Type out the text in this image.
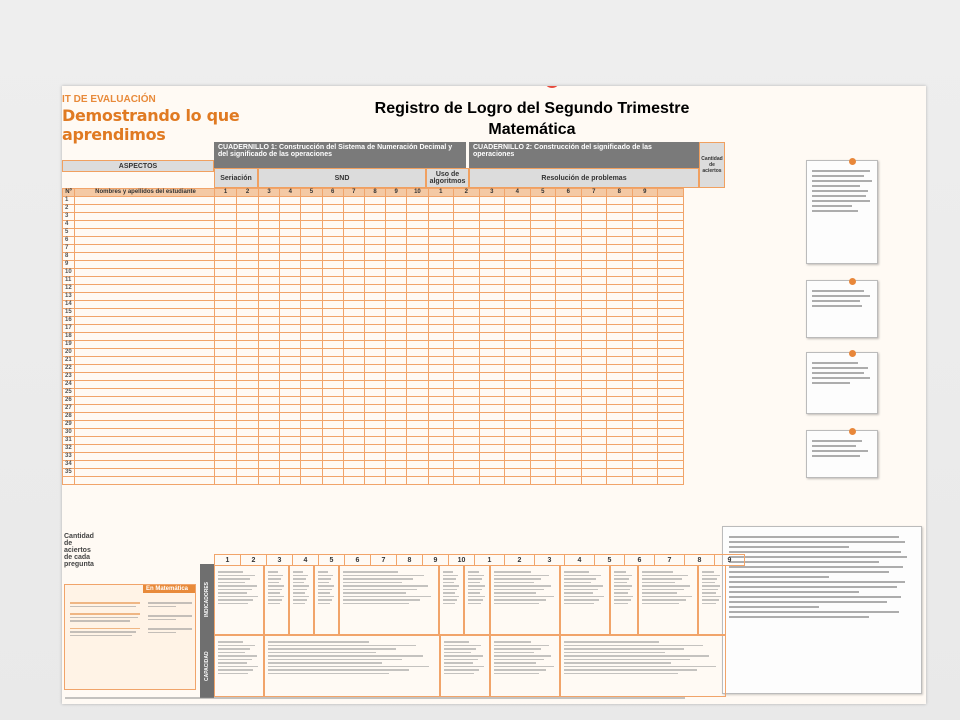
IT DE EVALUACIÓN
Demostrando lo que aprendimos
Registro de Logro del Segundo Trimestre
Matemática
CUADERNILLO 1: Construcción del Sistema de Numeración Decimal y del significado de las operaciones
CUADERNILLO 2: Construcción del significado de las operaciones
Cantidad de aciertos
ASPECTOS
Seriación	SND	Uso de algoritmos	Resolución de problemas
Nº	Nombres y apellidos del estudiante	1	2	3	4	5	6	7	8	9	10	1	2	3	4	5	6	7	8	9	
1																					
2																					
3																					
4																					
5																					
6																					
7																					
8																					
9																					
10																					
11																					
12																					
13																					
14																					
15																					
16																					
17																					
18																					
19																					
20																					
21																					
22																					
23																					
24																					
25																					
26																					
27																					
28																					
29																					
30																					
31																					
32																					
33																					
34																					
35																					

Cantidad de aciertos de cada pregunta
1	2	3	4	5	6	7	8	9	10	1	2	3	4	5	6	7	8	9
INDICADORES
CAPACIDAD
En Matemática
